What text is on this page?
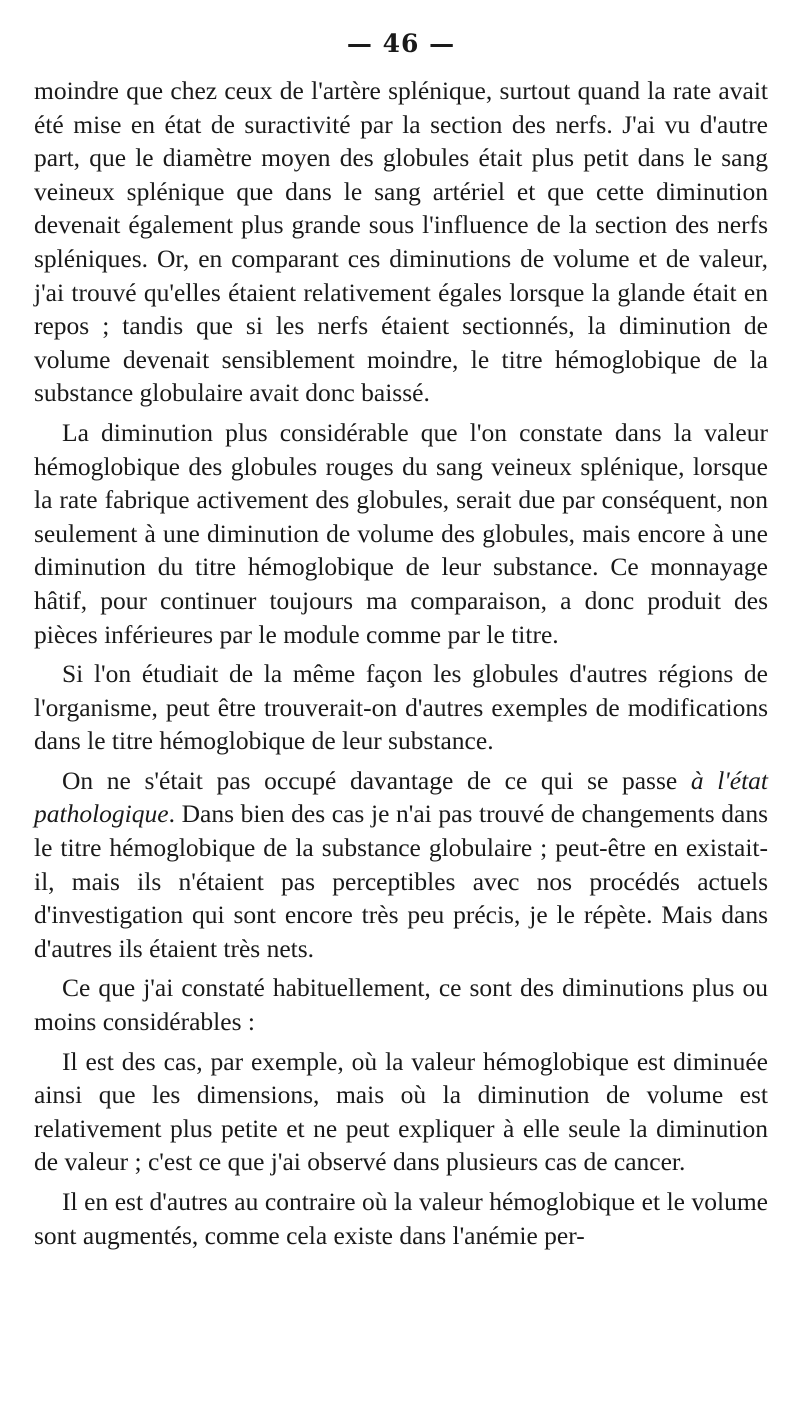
— 46 —

moindre que chez ceux de l'artère splénique, surtout quand la rate avait été mise en état de suractivité par la section des nerfs. J'ai vu d'autre part, que le diamètre moyen des globules était plus petit dans le sang veineux splénique que dans le sang artériel et que cette diminution devenait également plus grande sous l'influence de la section des nerfs spléniques. Or, en comparant ces diminutions de volume et de valeur, j'ai trouvé qu'elles étaient relativement égales lorsque la glande était en repos ; tandis que si les nerfs étaient sectionnés, la diminution de volume devenait sensiblement moindre, le titre hémoglobique de la substance globulaire avait donc baissé.

La diminution plus considérable que l'on constate dans la valeur hémoglobique des globules rouges du sang veineux splénique, lorsque la rate fabrique activement des globules, serait due par conséquent, non seulement à une diminution de volume des globules, mais encore à une diminution du titre hémoglobique de leur substance. Ce monnayage hâtif, pour continuer toujours ma comparaison, a donc produit des pièces inférieures par le module comme par le titre.

Si l'on étudiait de la même façon les globules d'autres régions de l'organisme, peut être trouverait-on d'autres exemples de modifications dans le titre hémoglobique de leur substance.

On ne s'était pas occupé davantage de ce qui se passe à l'état pathologique. Dans bien des cas je n'ai pas trouvé de changements dans le titre hémoglobique de la substance globulaire ; peut-être en existait-il, mais ils n'étaient pas perceptibles avec nos procédés actuels d'investigation qui sont encore très peu précis, je le répète. Mais dans d'autres ils étaient très nets.

Ce que j'ai constaté habituellement, ce sont des diminutions plus ou moins considérables :

Il est des cas, par exemple, où la valeur hémoglobique est diminuée ainsi que les dimensions, mais où la diminution de volume est relativement plus petite et ne peut expliquer à elle seule la diminution de valeur ; c'est ce que j'ai observé dans plusieurs cas de cancer.

Il en est d'autres au contraire où la valeur hémoglobique et le volume sont augmentés, comme cela existe dans l'anémie per-
